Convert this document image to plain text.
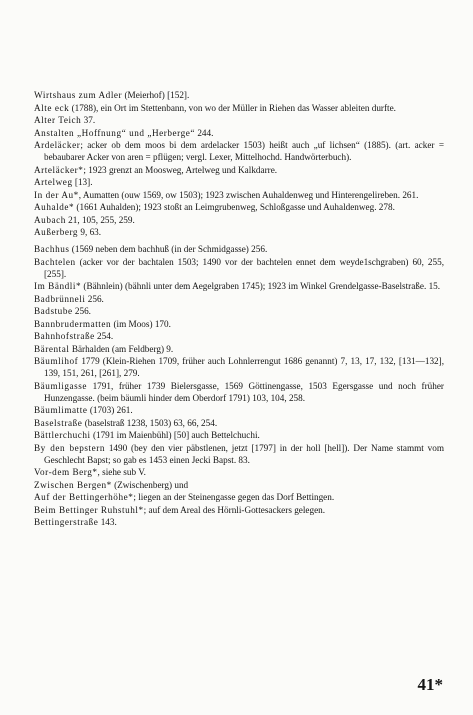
Wirtshaus zum Adler (Meierhof) [152].
Alte eck (1788), ein Ort im Stettenbann, von wo der Müller in Riehen das Wasser ableiten durfte.
Alter Teich 37.
Anstalten „Hoffnung“ und „Herberge“ 244.
Ardeläcker; acker ob dem moos bi dem ardelacker 1503) heißt auch „uf lichsen“ (1885). (art. acker = bebaubarer Acker von aren = pflügen; vergl. Lexer, Mittelhochd. Handwörterbuch).
Arteläcker*; 1923 grenzt an Moosweg, Artelweg und Kalkdarre.
Artelweg [13].
In der Au*, Aumatten (ouw 1569, ow 1503); 1923 zwischen Auhaldenweg und Hinterengelireben. 261.
Auhalde* (1661 Auhalden); 1923 stoßt an Leimgrubenweg, Schloßgasse und Auhaldenweg. 278.
Aubach 21, 105, 255, 259.
Außerberg 9, 63.
Bachhus (1569 neben dem bachhuß (in der Schmidgasse) 256.
Bachtelen (acker vor der bachtalen 1503; 1490 vor der bachtelen ennet dem weyde1schgraben) 60, 255, [255].
Im Bändli* (Bähnlein) (bähnli unter dem Aegelgraben 1745); 1923 im Winkel Grendelgasse-Baselstraße. 15.
Badbrünneli 256.
Badstube 256.
Bannbrudermatten (im Moos) 170.
Bahnhofstraße 254.
Bärental Bärhalden (am Feldberg) 9.
Bäumlihof 1779 (Klein-Riehen 1709, früher auch Lohnlerrengut 1686 genannt) 7, 13, 17, 132, [131—132], 139, 151, 261, [261], 279.
Bäumligasse 1791, früher 1739 Bielersgasse, 1569 Göttinengasse, 1503 Egersgasse und noch früher Hunzengasse. (beim bäumli hinder dem Oberdorf 1791) 103, 104, 258.
Bäumlimatte (1703) 261.
Baselstraße (baselstraß 1238, 1503) 63, 66, 254.
Bättlerchuchi (1791 im Maienbühl) [50] auch Bettelchuchi.
By den bepstern 1490 (bey den vier päbstlenen, jetzt [1797] in der holl [hell]). Der Name stammt vom Geschlecht Bapst; so gab es 1453 einen Jecki Bapst. 83.
Vor-dem Berg*, siehe sub V.
Zwischen Bergen* (Zwischenberg) und
Auf der Bettingerhöhe*; liegen an der Steinengasse gegen das Dorf Bettingen.
Beim Bettinger Ruhstuhl*; auf dem Areal des Hörnli-Gottesackers gelegen.
Bettingerstraße 143.
41*
